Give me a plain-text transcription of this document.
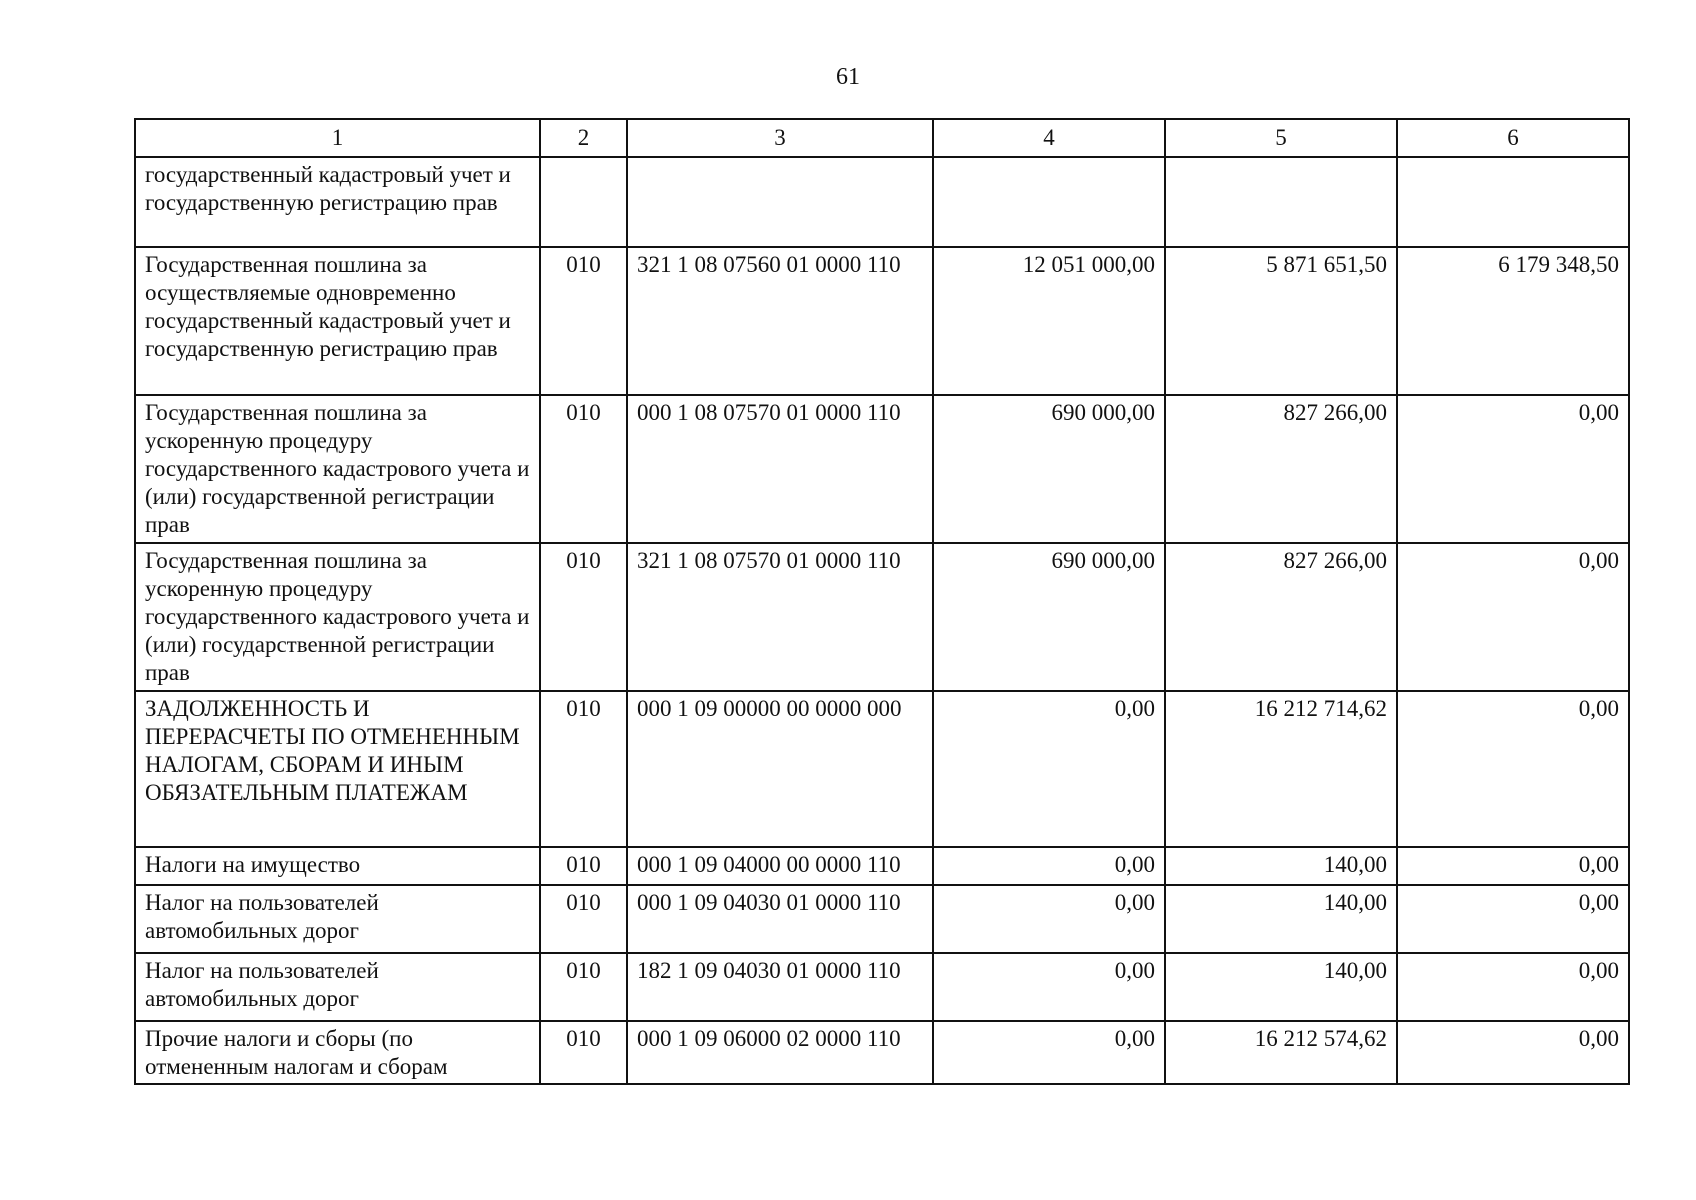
61
1	2	3	4	5	6
государственный кадастровый учет и государственную регистрацию прав					
Государственная пошлина за осуществляемые одновременно государственный кадастровый учет и государственную регистрацию прав	010	321 1 08 07560 01 0000 110	12 051 000,00	5 871 651,50	6 179 348,50
Государственная пошлина за ускоренную процедуру государственного кадастрового учета и (или) государственной регистрации прав	010	000 1 08 07570 01 0000 110	690 000,00	827 266,00	0,00
Государственная пошлина за ускоренную процедуру государственного кадастрового учета и (или) государственной регистрации прав	010	321 1 08 07570 01 0000 110	690 000,00	827 266,00	0,00
ЗАДОЛЖЕННОСТЬ И ПЕРЕРАСЧЕТЫ ПО ОТМЕНЕННЫМ НАЛОГАМ, СБОРАМ И ИНЫМ ОБЯЗАТЕЛЬНЫМ ПЛАТЕЖАМ	010	000 1 09 00000 00 0000 000	0,00	16 212 714,62	0,00
Налоги на имущество	010	000 1 09 04000 00 0000 110	0,00	140,00	0,00
Налог на пользователей автомобильных дорог	010	000 1 09 04030 01 0000 110	0,00	140,00	0,00
Налог на пользователей автомобильных дорог	010	182 1 09 04030 01 0000 110	0,00	140,00	0,00
Прочие налоги и сборы (по отмененным налогам и сборам	010	000 1 09 06000 02 0000 110	0,00	16 212 574,62	0,00
